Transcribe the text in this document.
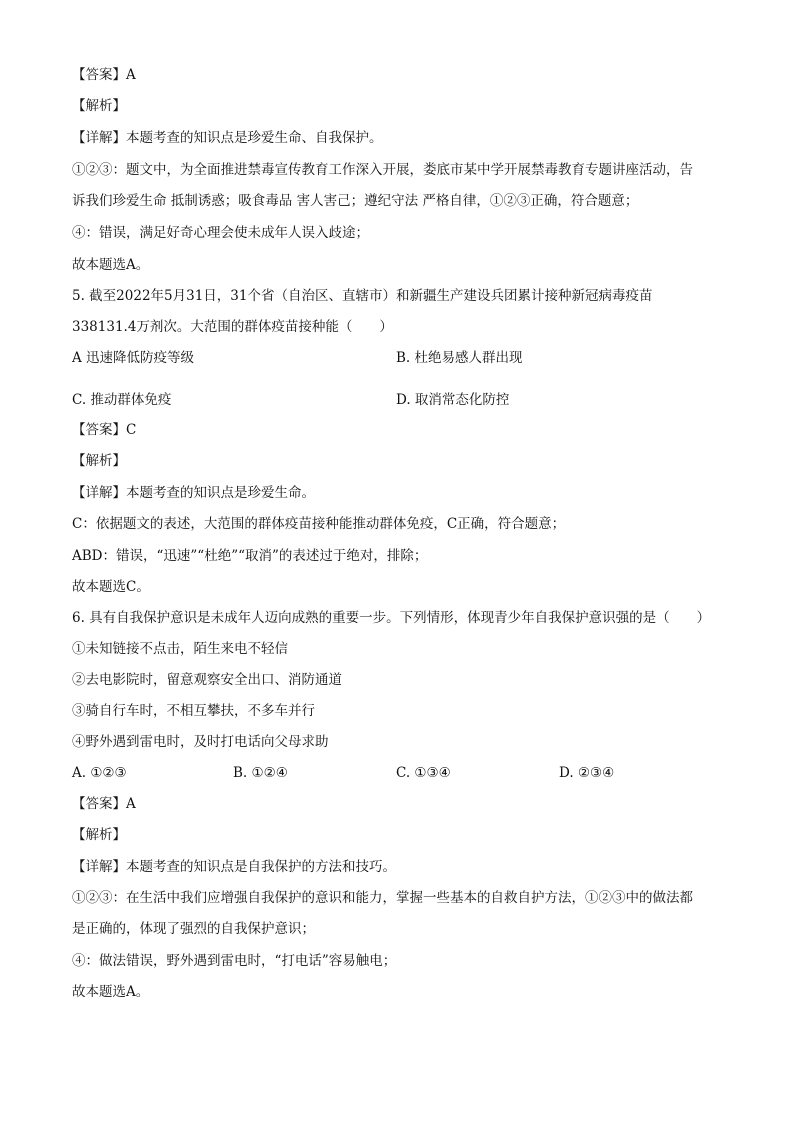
【答案】A
【解析】
【详解】本题考查的知识点是珍爱生命、自我保护。
①②③：题文中，为全面推进禁毒宣传教育工作深入开展，娄底市某中学开展禁毒教育专题讲座活动，告
诉我们珍爱生命 抵制诱惑；吸食毒品 害人害己；遵纪守法 严格自律，①②③正确，符合题意；
④：错误，满足好奇心理会使未成年人误入歧途；
故本题选A。
5. 截至2022年5月31日，31个省（自治区、直辖市）和新疆生产建设兵团累计接种新冠病毒疫苗
338131.4万剂次。大范围的群体疫苗接种能（　　）
A 迅速降低防疫等级	B. 杜绝易感人群出现
C. 推动群体免疫	D. 取消常态化防控
【答案】C
【解析】
【详解】本题考查的知识点是珍爱生命。
C：依据题文的表述，大范围的群体疫苗接种能推动群体免疫，C正确，符合题意；
ABD：错误，“迅速”“杜绝”“取消”的表述过于绝对，排除；
故本题选C。
6. 具有自我保护意识是未成年人迈向成熟的重要一步。下列情形，体现青少年自我保护意识强的是（　　）
①未知链接不点击，陌生来电不轻信
②去电影院时，留意观察安全出口、消防通道
③骑自行车时，不相互攀扶，不多车并行
④野外遇到雷电时，及时打电话向父母求助
A. ①②③	B. ①②④	C. ①③④	D. ②③④
【答案】A
【解析】
【详解】本题考查的知识点是自我保护的方法和技巧。
①②③：在生活中我们应增强自我保护的意识和能力，掌握一些基本的自救自护方法，①②③中的做法都
是正确的，体现了强烈的自我保护意识；
④：做法错误，野外遇到雷电时，“打电话”容易触电；
故本题选A。
